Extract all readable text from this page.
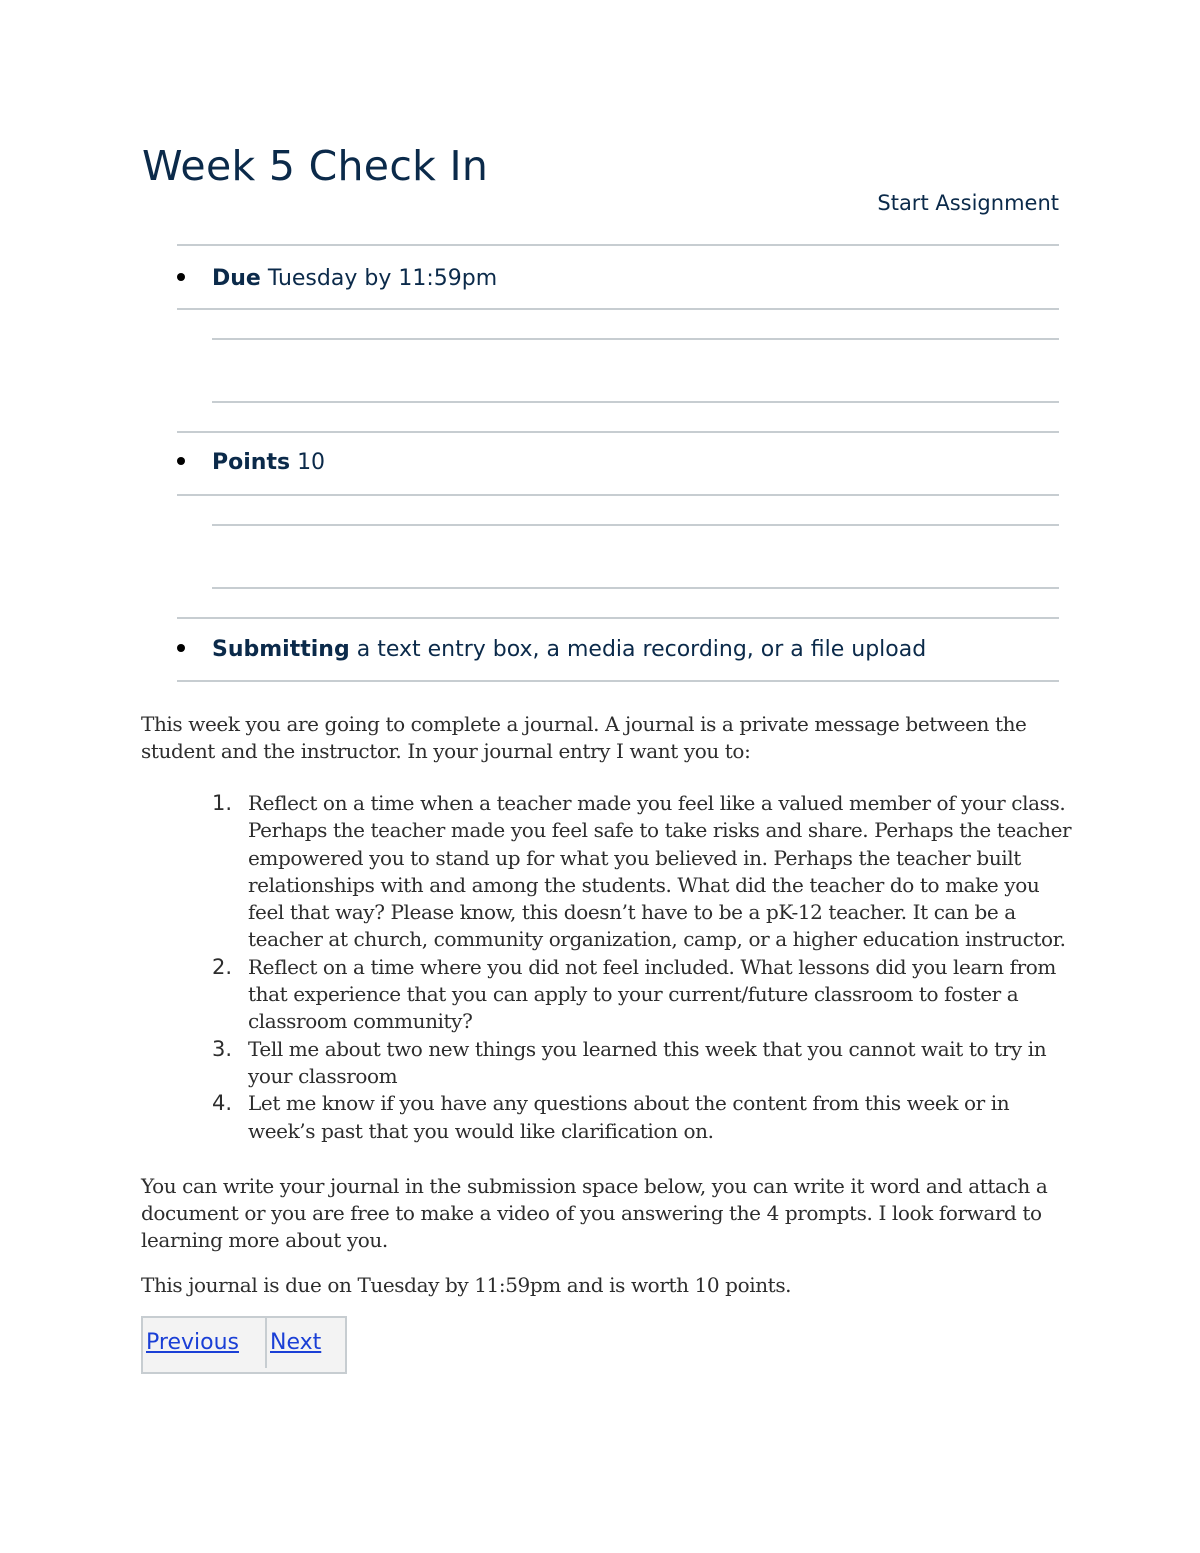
Week 5 Check In
Start Assignment
Due Tuesday by 11:59pm
Points 10
Submitting a text entry box, a media recording, or a file upload

This week you are going to complete a journal. A journal is a private message between the student and the instructor. In your journal entry I want you to:

1. Reflect on a time when a teacher made you feel like a valued member of your class. Perhaps the teacher made you feel safe to take risks and share. Perhaps the teacher empowered you to stand up for what you believed in. Perhaps the teacher built relationships with and among the students. What did the teacher do to make you feel that way? Please know, this doesn’t have to be a pK-12 teacher. It can be a teacher at church, community organization, camp, or a higher education instructor.
2. Reflect on a time where you did not feel included. What lessons did you learn from that experience that you can apply to your current/future classroom to foster a classroom community?
3. Tell me about two new things you learned this week that you cannot wait to try in your classroom
4. Let me know if you have any questions about the content from this week or in week’s past that you would like clarification on.

You can write your journal in the submission space below, you can write it word and attach a document or you are free to make a video of you answering the 4 prompts. I look forward to learning more about you.

This journal is due on Tuesday by 11:59pm and is worth 10 points.

Previous	Next
